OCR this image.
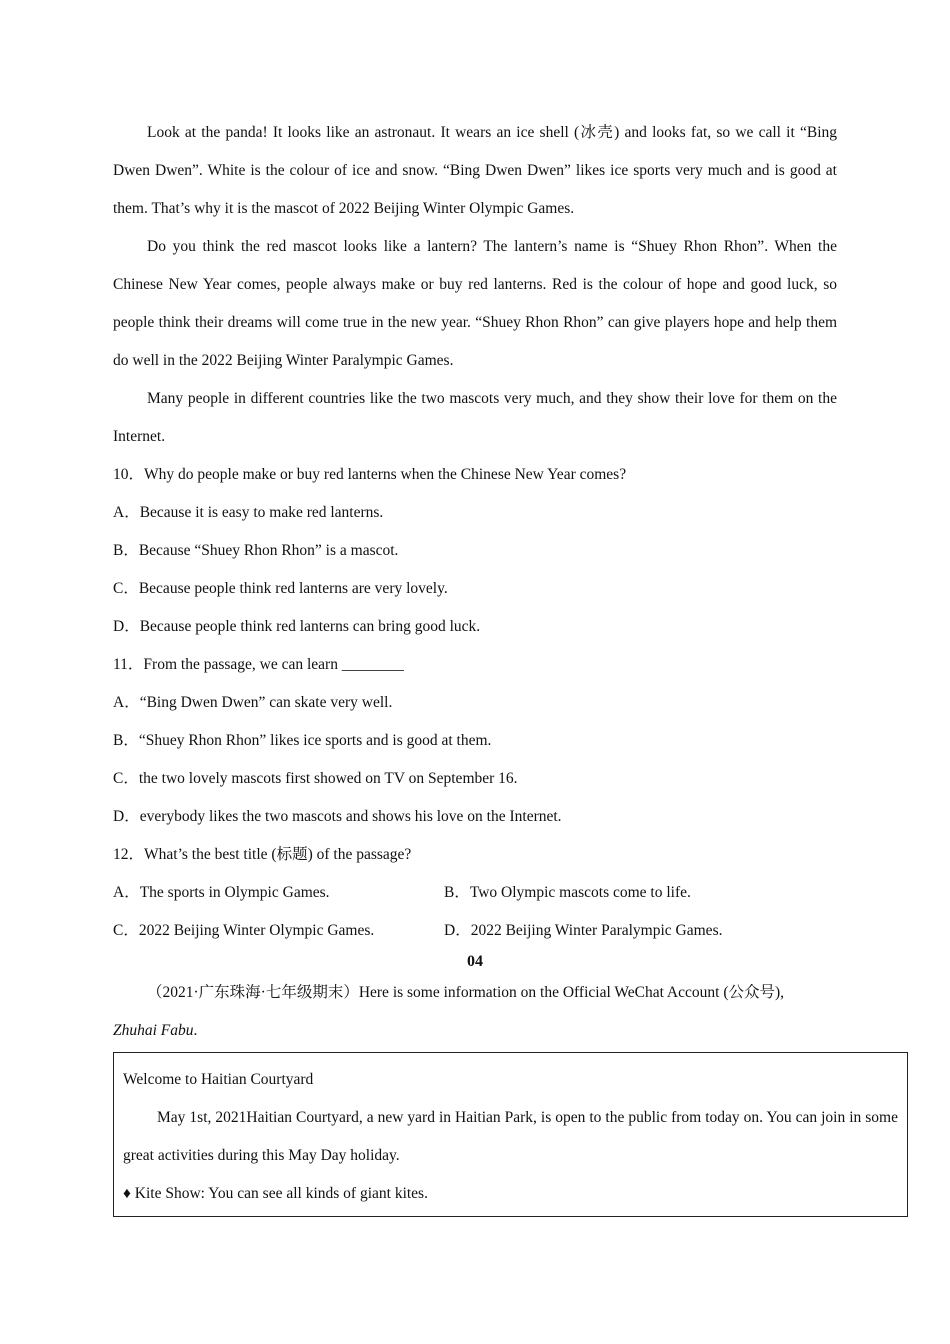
Look at the panda! It looks like an astronaut. It wears an ice shell (冰壳) and looks fat, so we call it “Bing Dwen Dwen”. White is the colour of ice and snow. “Bing Dwen Dwen” likes ice sports very much and is good at them. That’s why it is the mascot of 2022 Beijing Winter Olympic Games.

Do you think the red mascot looks like a lantern? The lantern’s name is “Shuey Rhon Rhon”. When the Chinese New Year comes, people always make or buy red lanterns. Red is the colour of hope and good luck, so people think their dreams will come true in the new year. “Shuey Rhon Rhon” can give players hope and help them do well in the 2022 Beijing Winter Paralympic Games.

Many people in different countries like the two mascots very much, and they show their love for them on the Internet.

10．Why do people make or buy red lanterns when the Chinese New Year comes?

A．Because it is easy to make red lanterns.

B．Because “Shuey Rhon Rhon” is a mascot.

C．Because people think red lanterns are very lovely.

D．Because people think red lanterns can bring good luck.

11．From the passage, we can learn ________

A．“Bing Dwen Dwen” can skate very well.

B．“Shuey Rhon Rhon” likes ice sports and is good at them.

C．the two lovely mascots first showed on TV on September 16.

D．everybody likes the two mascots and shows his love on the Internet.

12．What’s the best title (标题) of the passage?

A．The sports in Olympic Games.	B．Two Olympic mascots come to life.
C．2022 Beijing Winter Olympic Games.	D．2022 Beijing Winter Paralympic Games.

04

（2021·广东珠海·七年级期末）Here is some information on the Official WeChat Account (公众号),

Zhuhai Fabu.

Welcome to Haitian Courtyard

May 1st, 2021Haitian Courtyard, a new yard in Haitian Park, is open to the public from today on. You can join in some great activities during this May Day holiday.

♦ Kite Show: You can see all kinds of giant kites.
